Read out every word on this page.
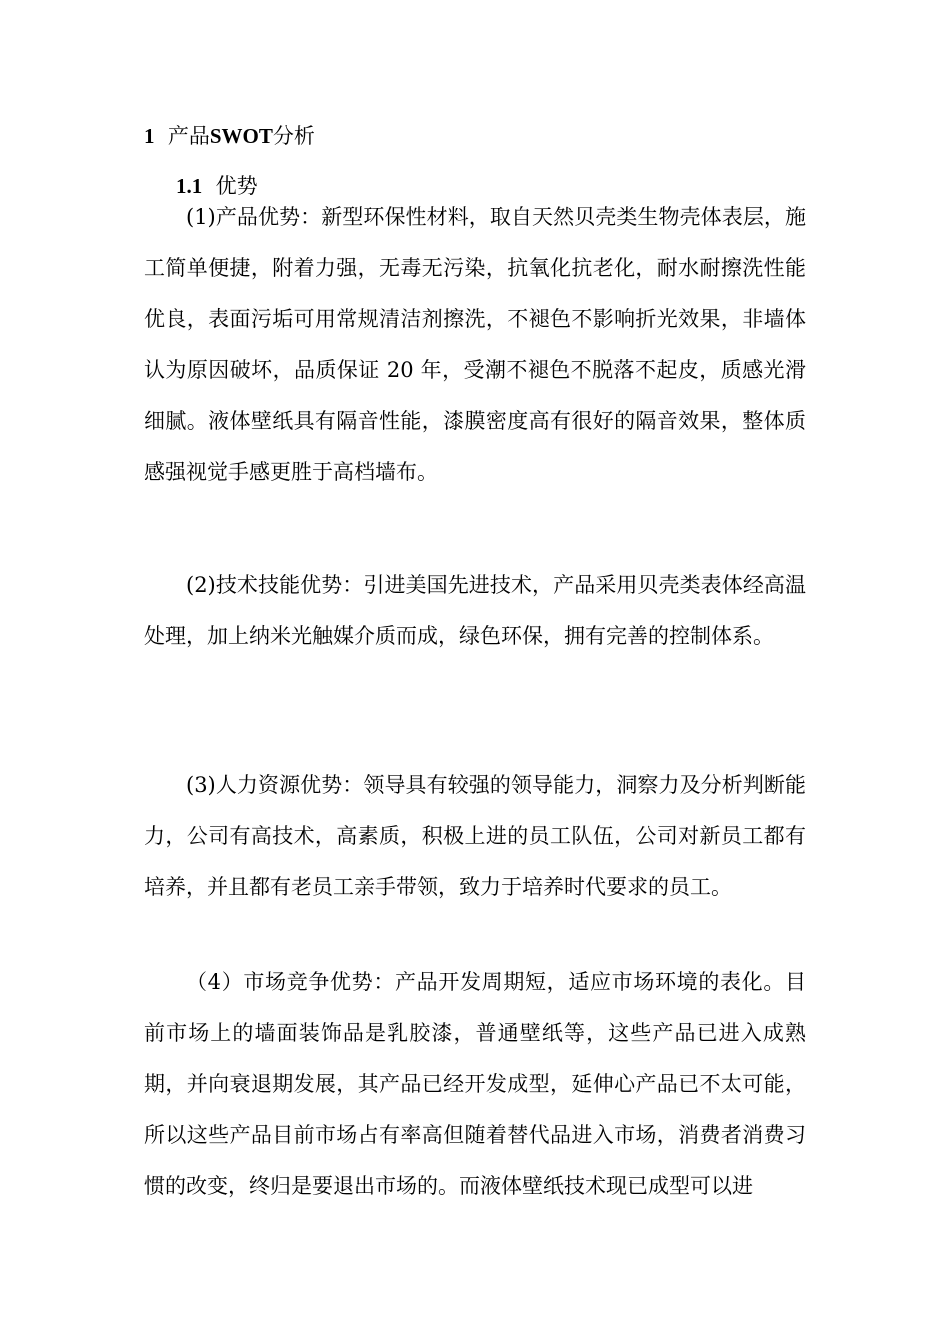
1 产品SWOT分析
1.1 优势

(1)产品优势：新型环保性材料，取自天然贝壳类生物壳体表层，施工简单便捷，附着力强，无毒无污染，抗氧化抗老化，耐水耐擦洗性能优良，表面污垢可用常规清洁剂擦洗，不褪色不影响折光效果，非墙体认为原因破坏，品质保证 20 年，受潮不褪色不脱落不起皮，质感光滑细腻。液体壁纸具有隔音性能，漆膜密度高有很好的隔音效果，整体质感强视觉手感更胜于高档墙布。

(2)技术技能优势：引进美国先进技术，产品采用贝壳类表体经高温处理，加上纳米光触媒介质而成，绿色环保，拥有完善的控制体系。

(3)人力资源优势：领导具有较强的领导能力，洞察力及分析判断能力，公司有高技术，高素质，积极上进的员工队伍，公司对新员工都有培养，并且都有老员工亲手带领，致力于培养时代要求的员工。

（4）市场竞争优势：产品开发周期短，适应市场环境的表化。目前市场上的墙面装饰品是乳胶漆，普通壁纸等，这些产品已进入成熟期，并向衰退期发展，其产品已经开发成型，延伸心产品已不太可能，所以这些产品目前市场占有率高但随着替代品进入市场，消费者消费习惯的改变，终归是要退出市场的。而液体壁纸技术现已成型可以进
